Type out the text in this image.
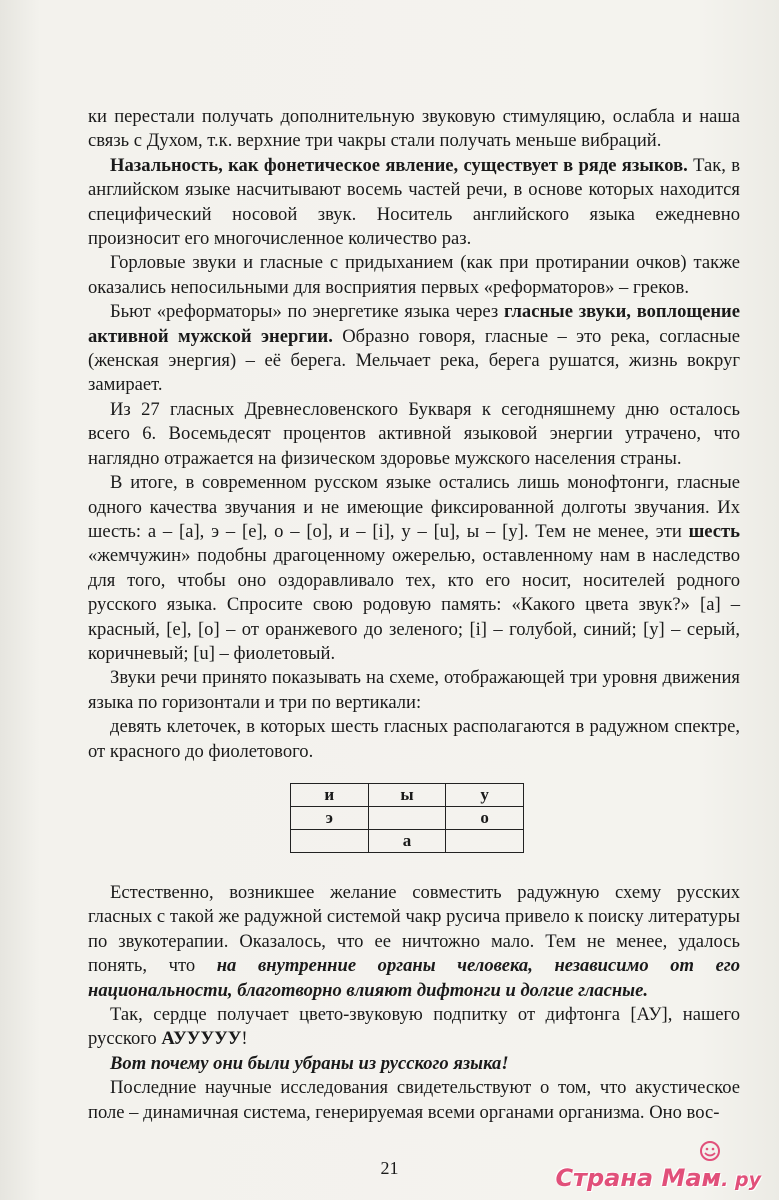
ки перестали получать дополнительную звуковую стимуляцию, ослабла и наша связь с Духом, т.к. верхние три чакры стали получать меньше вибраций.

Назальность, как фонетическое явление, существует в ряде языков. Так, в английском языке насчитывают восемь частей речи, в основе которых находится специфический носовой звук. Носитель английского языка ежедневно произносит его многочисленное количество раз.

Горловые звуки и гласные с придыханием (как при протирании очков) также оказались непосильными для восприятия первых «реформаторов» – греков.

Бьют «реформаторы» по энергетике языка через гласные звуки, воплощение активной мужской энергии. Образно говоря, гласные – это река, согласные (женская энергия) – её берега. Мельчает река, берега рушатся, жизнь вокруг замирает.

Из 27 гласных Древнесловенского Букваря к сегодняшнему дню осталось всего 6. Восемьдесят процентов активной языковой энергии утрачено, что наглядно отражается на физическом здоровье мужского населения страны.

В итоге, в современном русском языке остались лишь монофтонги, гласные одного качества звучания и не имеющие фиксированной долготы звучания. Их шесть: а – [а], э – [е], о – [о], и – [i], у – [u], ы – [у]. Тем не менее, эти шесть «жемчужин» подобны драгоценному ожерелью, оставленному нам в наследство для того, чтобы оно оздоравливало тех, кто его носит, носителей родного русского языка. Спросите свою родовую память: «Какого цвета звук?» [а] – красный, [е], [о] – от оранжевого до зеленого; [i] – голубой, синий; [у] – серый, коричневый; [u] – фиолетовый.

Звуки речи принято показывать на схеме, отображающей три уровня движения языка по горизонтали и три по вертикали:

девять клеточек, в которых шесть гласных располагаются в радужном спектре, от красного до фиолетового.

и	ы	у
э		о
	а	

Естественно, возникшее желание совместить радужную схему русских гласных с такой же радужной системой чакр русича привело к поиску литературы по звукотерапии. Оказалось, что ее ничтожно мало. Тем не менее, удалось понять, что на внутренние органы человека, независимо от его национальности, благотворно влияют дифтонги и долгие гласные.

Так, сердце получает цвето-звуковую подпитку от дифтонга [АУ], нашего русского АУУУУУ!

Вот почему они были убраны из русского языка!

Последние научные исследования свидетельствуют о том, что акустическое поле – динамичная система, генерируемая всеми органами организма. Оно вос-

21	Страна Мам. ру
